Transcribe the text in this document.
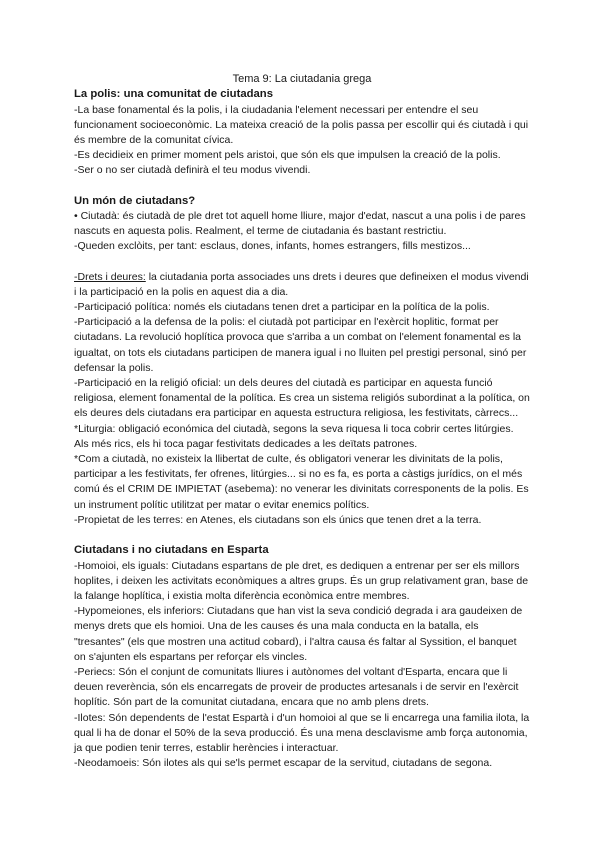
Tema 9: La ciutadania grega

La polis: una comunitat de ciutadans

-La base fonamental és la polis, i la ciudadania l'element necessari per entendre el seu funcionament socioeconòmic. La mateixa creació de la polis passa per escollir qui és ciutadà i qui és membre de la comunitat cívica.

-Es decidieix en primer moment pels aristoi, que són els que impulsen la creació de la polis.

-Ser o no ser ciutadà definirà el teu modus vivendi.

Un món de ciutadans?

• Ciutadà: és ciutadà de ple dret tot aquell home lliure, major d'edat, nascut a una polis i de pares nascuts en aquesta polis. Realment, el terme de ciutadania és bastant restrictiu.

-Queden exclòits, per tant: esclaus, dones, infants, homes estrangers, fills mestizos...

-Drets i deures: la ciutadania porta associades uns drets i deures que defineixen el modus vivendi i la participació en la polis en aquest dia a dia.

-Participació política: només els ciutadans tenen dret a participar en la política de la polis.

-Participació a la defensa de la polis: el ciutadà pot participar en l'exèrcit hoplitic, format per ciutadans. La revolució hoplítica provoca que s'arriba a un combat on l'element fonamental es la igualtat, on tots els ciutadans participen de manera igual i no lluiten pel prestigi personal, sinó per defensar la polis.

-Participació en la religió oficial: un dels deures del ciutadà es participar en aquesta funció religiosa, element fonamental de la política. Es crea un sistema religiós subordinat a la política, on els deures dels ciutadans era participar en aquesta estructura religiosa, les festivitats, càrrecs...

*Liturgia: obligació económica del ciutadà, segons la seva riquesa li toca cobrir certes litúrgies. Als més rics, els hi toca pagar festivitats dedicades a les deïtats patrones.

*Com a ciutadà, no existeix la llibertat de culte, és obligatori venerar les divinitats de la polis, participar a les festivitats, fer ofrenes, litúrgies... si no es fa, es porta a càstigs jurídics, on el més comú és el CRIM DE IMPIETAT (asebema): no venerar les divinitats corresponents de la polis. Es un instrument polític utilitzat per matar o evitar enemics polítics.

-Propietat de les terres: en Atenes, els ciutadans son els únics que tenen dret a la terra.

Ciutadans i no ciutadans en Esparta

-Homoioi, els iguals: Ciutadans espartans de ple dret, es dediquen a entrenar per ser els millors hoplites, i deixen les activitats econòmiques a altres grups. És un grup relativament gran, base de la falange hoplítica, i existia molta diferència econòmica entre membres.

-Hypomeiones, els inferiors: Ciutadans que han vist la seva condició degrada i ara gaudeixen de menys drets que els homioi. Una de les causes és una mala conducta en la batalla, els "tresantes" (els que mostren una actitud cobard), i l'altra causa és faltar al Syssition, el banquet on s'ajunten els espartans per reforçar els vincles.

-Periecs: Són el conjunt de comunitats lliures i autònomes del voltant d'Esparta, encara que li deuen reverència, són els encarregats de proveir de productes artesanals i de servir en l'exèrcit hoplític. Són part de la comunitat ciutadana, encara que no amb plens drets.

-Ilotes: Són dependents de l'estat Espartà i d'un homoioi al que se li encarrega una familia ilota, la qual li ha de donar el 50% de la seva producció. És una mena desclavisme amb força autonomia, ja que podien tenir terres, establir herències i interactuar.

-Neodamoeis: Són ilotes als qui se'ls permet escapar de la servitud, ciutadans de segona.
